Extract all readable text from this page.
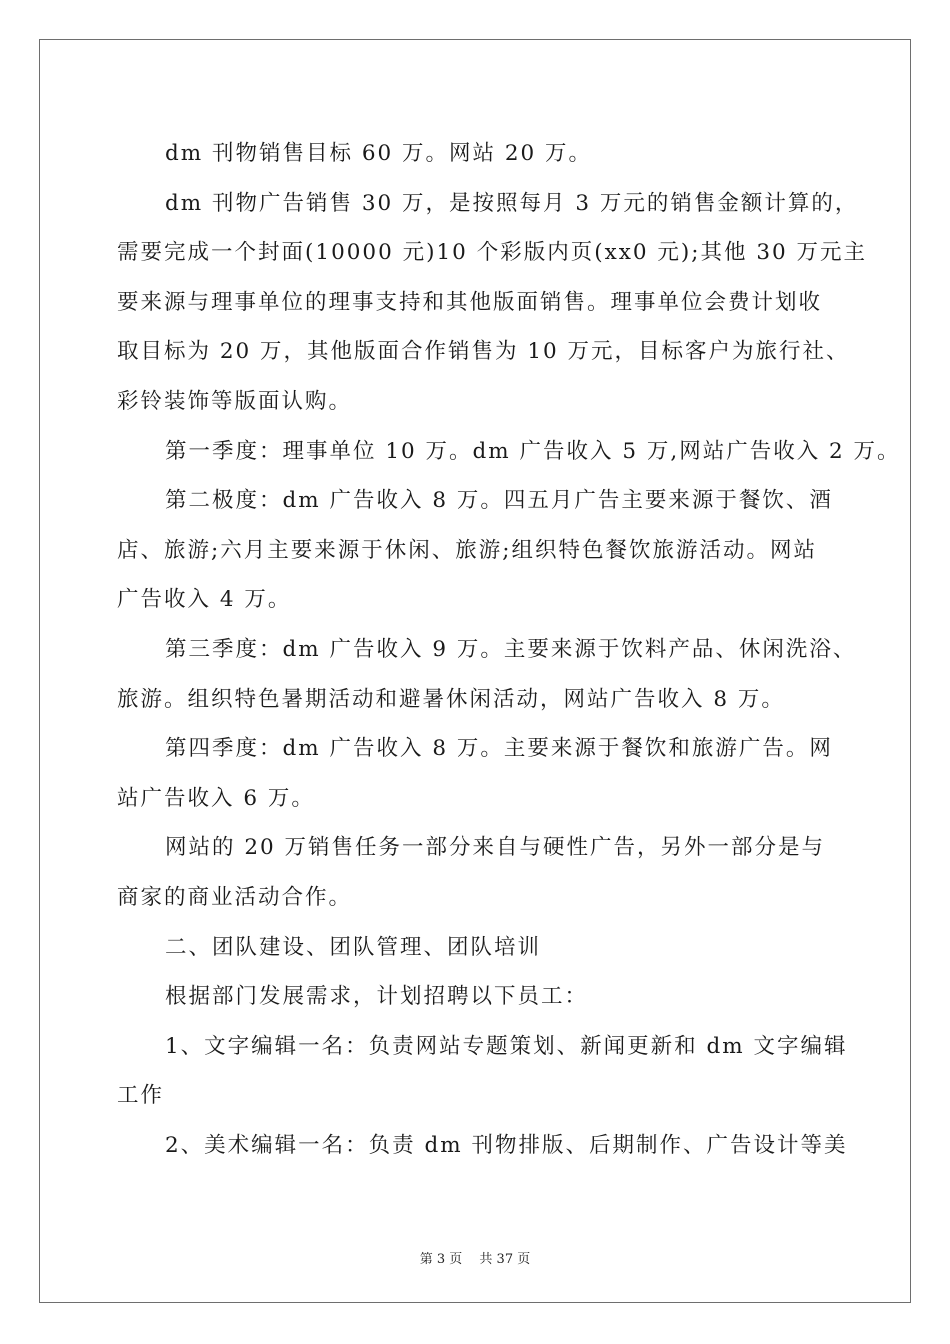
dm 刊物销售目标 60 万。网站 20 万。
dm 刊物广告销售 30 万，是按照每月 3 万元的销售金额计算的，
需要完成一个封面(10000 元)10 个彩版内页(xx0 元);其他 30 万元主
要来源与理事单位的理事支持和其他版面销售。理事单位会费计划收
取目标为 20 万，其他版面合作销售为 10 万元，目标客户为旅行社、
彩铃装饰等版面认购。
第一季度：理事单位 10 万。dm 广告收入 5 万,网站广告收入 2 万。
第二极度：dm 广告收入 8 万。四五月广告主要来源于餐饮、酒
店、旅游;六月主要来源于休闲、旅游;组织特色餐饮旅游活动。网站
广告收入 4 万。
第三季度：dm 广告收入 9 万。主要来源于饮料产品、休闲洗浴、
旅游。组织特色暑期活动和避暑休闲活动，网站广告收入 8 万。
第四季度：dm 广告收入 8 万。主要来源于餐饮和旅游广告。网
站广告收入 6 万。
网站的 20 万销售任务一部分来自与硬性广告，另外一部分是与
商家的商业活动合作。
二、团队建设、团队管理、团队培训
根据部门发展需求，计划招聘以下员工：
1、文字编辑一名：负责网站专题策划、新闻更新和 dm 文字编辑
工作
2、美术编辑一名：负责 dm 刊物排版、后期制作、广告设计等美
第 3 页　 共 37 页
